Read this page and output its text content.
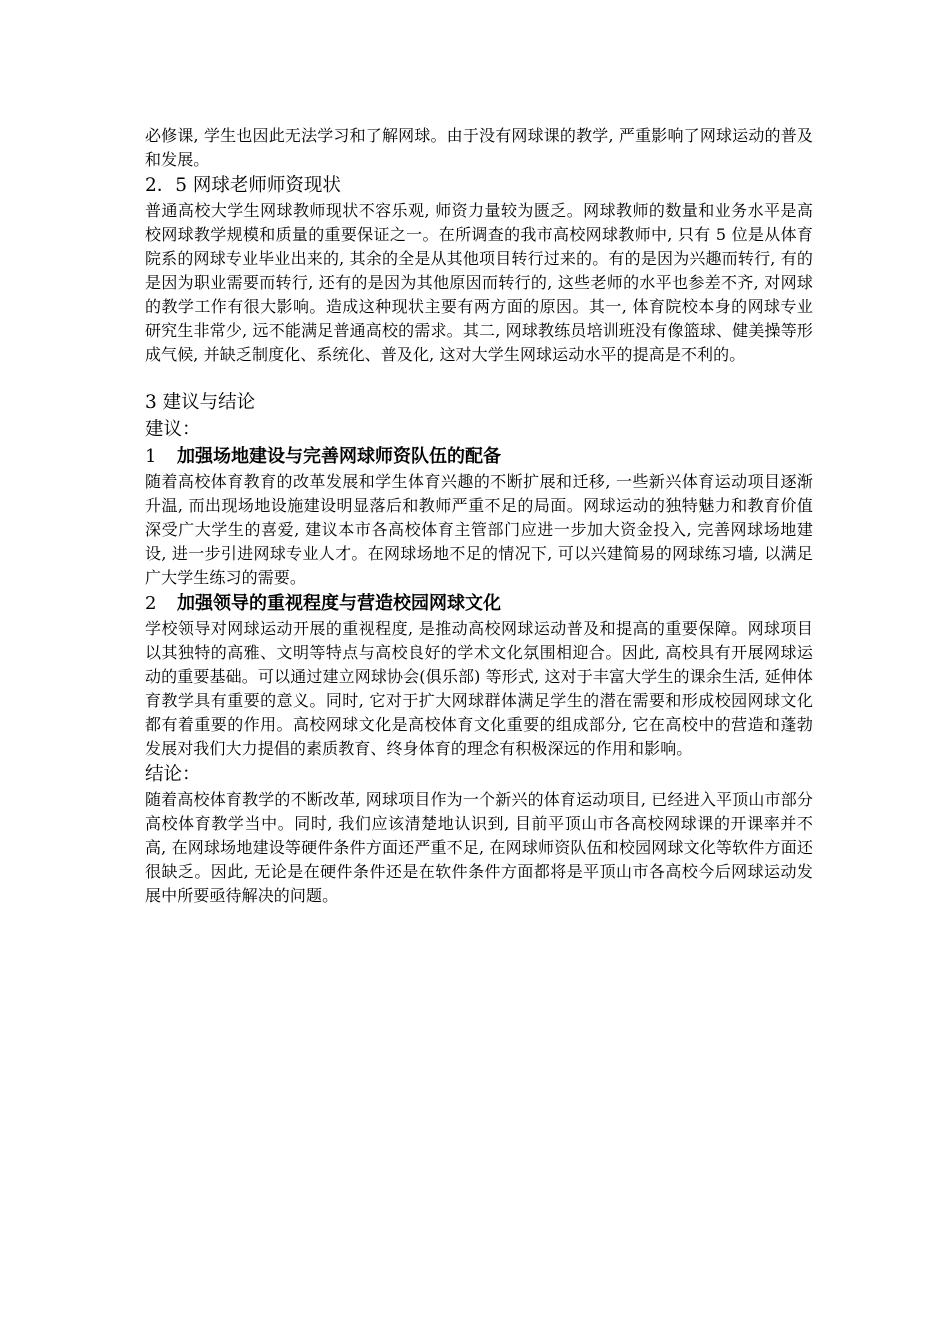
必修课, 学生也因此无法学习和了解网球。由于没有网球课的教学, 严重影响了网球运动的普及和发展。

2．5 网球老师师资现状

普通高校大学生网球教师现状不容乐观, 师资力量较为匮乏。网球教师的数量和业务水平是高校网球教学规模和质量的重要保证之一。在所调查的我市高校网球教师中, 只有 5 位是从体育院系的网球专业毕业出来的, 其余的全是从其他项目转行过来的。有的是因为兴趣而转行, 有的是因为职业需要而转行, 还有的是因为其他原因而转行的, 这些老师的水平也参差不齐, 对网球的教学工作有很大影响。造成这种现状主要有两方面的原因。其一, 体育院校本身的网球专业研究生非常少, 远不能满足普通高校的需求。其二, 网球教练员培训班没有像篮球、健美操等形成气候, 并缺乏制度化、系统化、普及化, 这对大学生网球运动水平的提高是不利的。

3 建议与结论

建议：

1 加强场地建设与完善网球师资队伍的配备

随着高校体育教育的改革发展和学生体育兴趣的不断扩展和迁移, 一些新兴体育运动项目逐渐升温, 而出现场地设施建设明显落后和教师严重不足的局面。网球运动的独特魅力和教育价值深受广大学生的喜爱, 建议本市各高校体育主管部门应进一步加大资金投入, 完善网球场地建设, 进一步引进网球专业人才。在网球场地不足的情况下, 可以兴建简易的网球练习墙, 以满足广大学生练习的需要。

2 加强领导的重视程度与营造校园网球文化

学校领导对网球运动开展的重视程度, 是推动高校网球运动普及和提高的重要保障。网球项目以其独特的高雅、文明等特点与高校良好的学术文化氛围相迎合。因此, 高校具有开展网球运动的重要基础。可以通过建立网球协会(俱乐部) 等形式, 这对于丰富大学生的课余生活, 延伸体育教学具有重要的意义。同时, 它对于扩大网球群体满足学生的潜在需要和形成校园网球文化都有着重要的作用。高校网球文化是高校体育文化重要的组成部分, 它在高校中的营造和蓬勃发展对我们大力提倡的素质教育、终身体育的理念有积极深远的作用和影响。

结论：

随着高校体育教学的不断改革, 网球项目作为一个新兴的体育运动项目, 已经进入平顶山市部分高校体育教学当中。同时, 我们应该清楚地认识到, 目前平顶山市各高校网球课的开课率并不高, 在网球场地建设等硬件条件方面还严重不足, 在网球师资队伍和校园网球文化等软件方面还很缺乏。因此, 无论是在硬件条件还是在软件条件方面都将是平顶山市各高校今后网球运动发展中所要亟待解决的问题。
